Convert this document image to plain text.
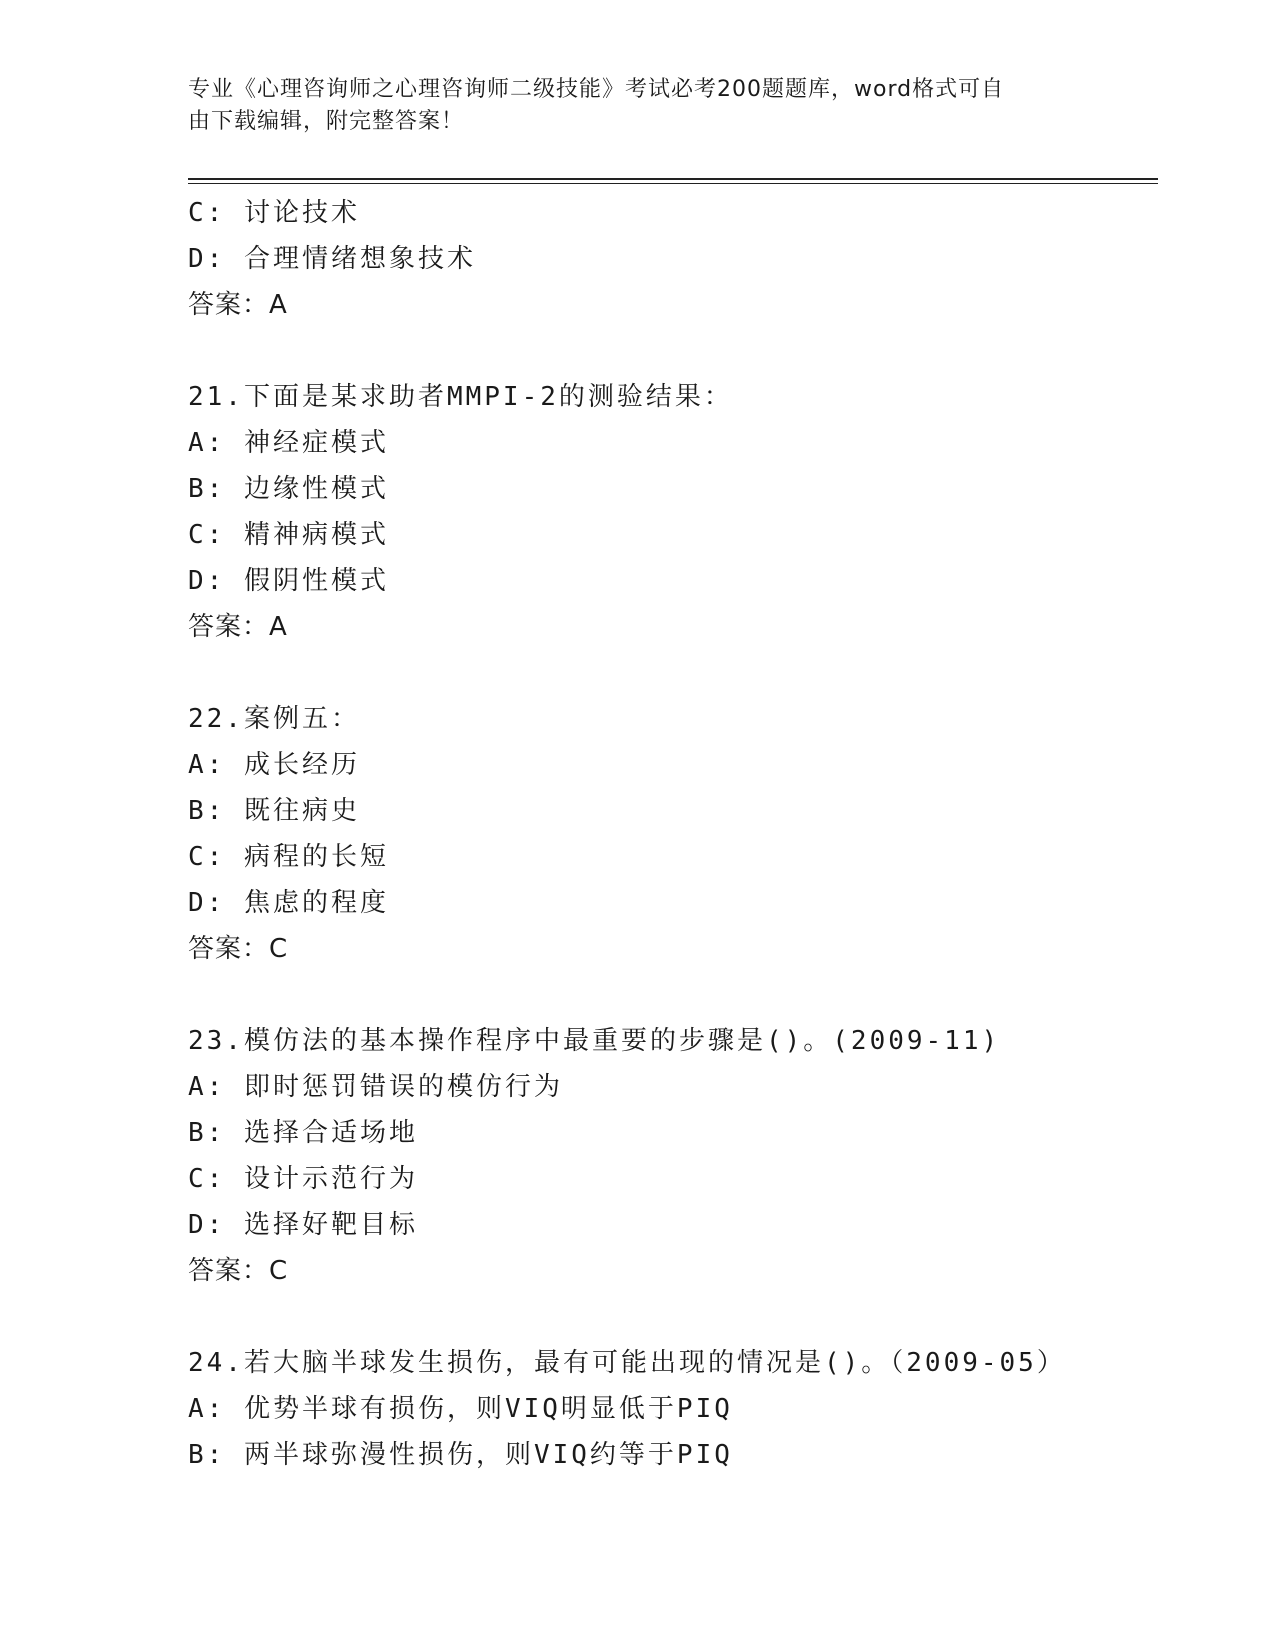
专业《心理咨询师之心理咨询师二级技能》考试必考200题题库，word格式可自
由下载编辑，附完整答案！
C: 讨论技术
D: 合理情绪想象技术
答案：A
21.下面是某求助者MMPI-2的测验结果：
A: 神经症模式
B: 边缘性模式
C: 精神病模式
D: 假阴性模式
答案：A
22.案例五：
A: 成长经历
B: 既往病史
C: 病程的长短
D: 焦虑的程度
答案：C
23.模仿法的基本操作程序中最重要的步骤是()。(2009-11)
A: 即时惩罚错误的模仿行为
B: 选择合适场地
C: 设计示范行为
D: 选择好靶目标
答案：C
24.若大脑半球发生损伤，最有可能出现的情况是()。（2009-05）
A: 优势半球有损伤，则VIQ明显低于PIQ
B: 两半球弥漫性损伤，则VIQ约等于PIQ
